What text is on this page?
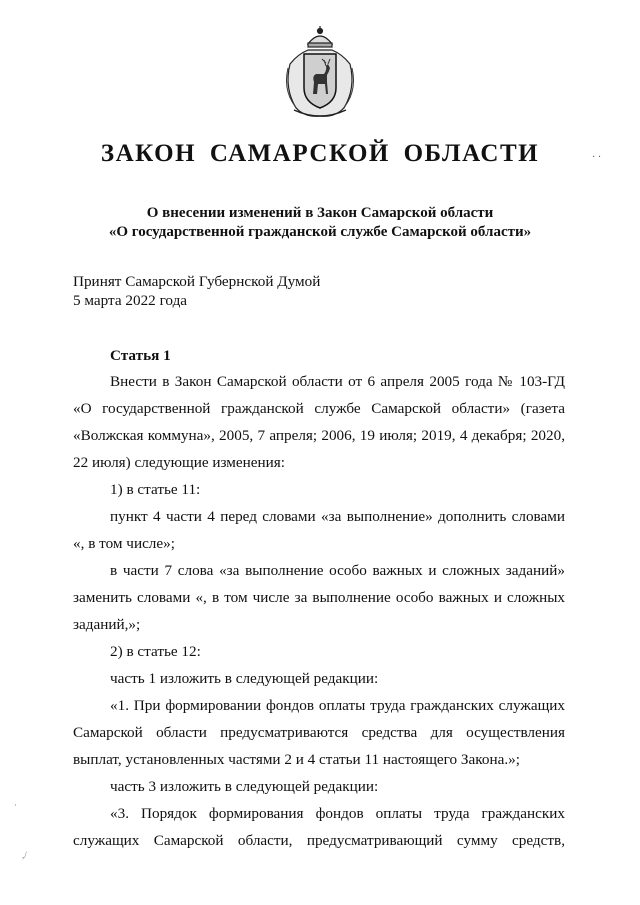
ЗАКОН САМАРСКОЙ ОБЛАСТИ	· ·
О внесении изменений в Закон Самарской области
«О государственной гражданской службе Самарской области»
Принят Самарской Губернской Думой
5 марта 2022 года
Статья 1
Внести в Закон Самарской области от 6 апреля 2005 года № 103-ГД
«О государственной гражданской службе Самарской области» (газета
«Волжская коммуна», 2005, 7 апреля; 2006, 19 июля; 2019, 4 декабря; 2020,
22 июля) следующие изменения:
1) в статье 11:
пункт 4 части 4 перед словами «за выполнение» дополнить словами
«, в том числе»;
в части 7 слова «за выполнение особо важных и сложных заданий»
заменить словами «, в том числе за выполнение особо важных и сложных
заданий,»;
2) в статье 12:
часть 1 изложить в следующей редакции:
«1. При формировании фондов оплаты труда гражданских служащих
Самарской области предусматриваются средства для осуществления
выплат, установленных частями 2 и 4 статьи 11 настоящего Закона.»;
часть 3 изложить в следующей редакции:
«3. Порядок формирования фондов оплаты труда гражданских
служащих Самарской области, предусматривающий сумму средств,
·
,/
